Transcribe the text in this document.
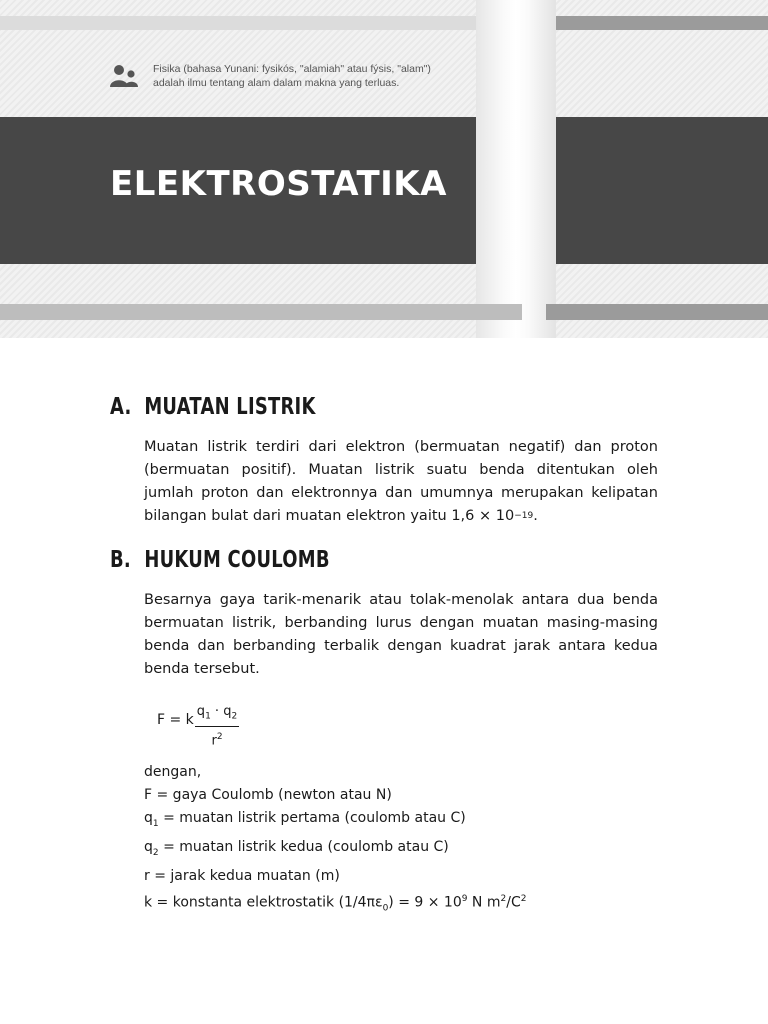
Fisika (bahasa Yunani: fysikós, "alamiah" atau fýsis, "alam")
adalah ilmu tentang alam dalam makna yang terluas.
ELEKTROSTATIKA
A. MUATAN LISTRIK
Muatan listrik terdiri dari elektron (bermuatan negatif) dan proton
(bermuatan positif). Muatan listrik suatu benda ditentukan oleh
jumlah proton dan elektronnya dan umumnya merupakan kelipatan
bilangan bulat dari muatan elektron yaitu 1,6 × 10 −19 .
B. HUKUM COULOMB
Besarnya gaya tarik-menarik atau tolak-menolak antara dua benda
bermuatan listrik, berbanding lurus dengan muatan masing-masing
benda dan berbanding terbalik dengan kuadrat jarak antara kedua
benda tersebut.
F = k
$q_1 \cdot q_2$
$r^2$
dengan,
F = gaya Coulomb (newton atau N)
$q_1 = muatan$ listrik pertama (coulomb atau C)
$q_2 = muatan$ listrik kedua (coulomb atau C)
r = jarak kedua muatan (m)
k = konstanta elektrostatik $(1/4\pi\varepsilon_0) = 9 \times 10^9$ N $m^2/C^2$
